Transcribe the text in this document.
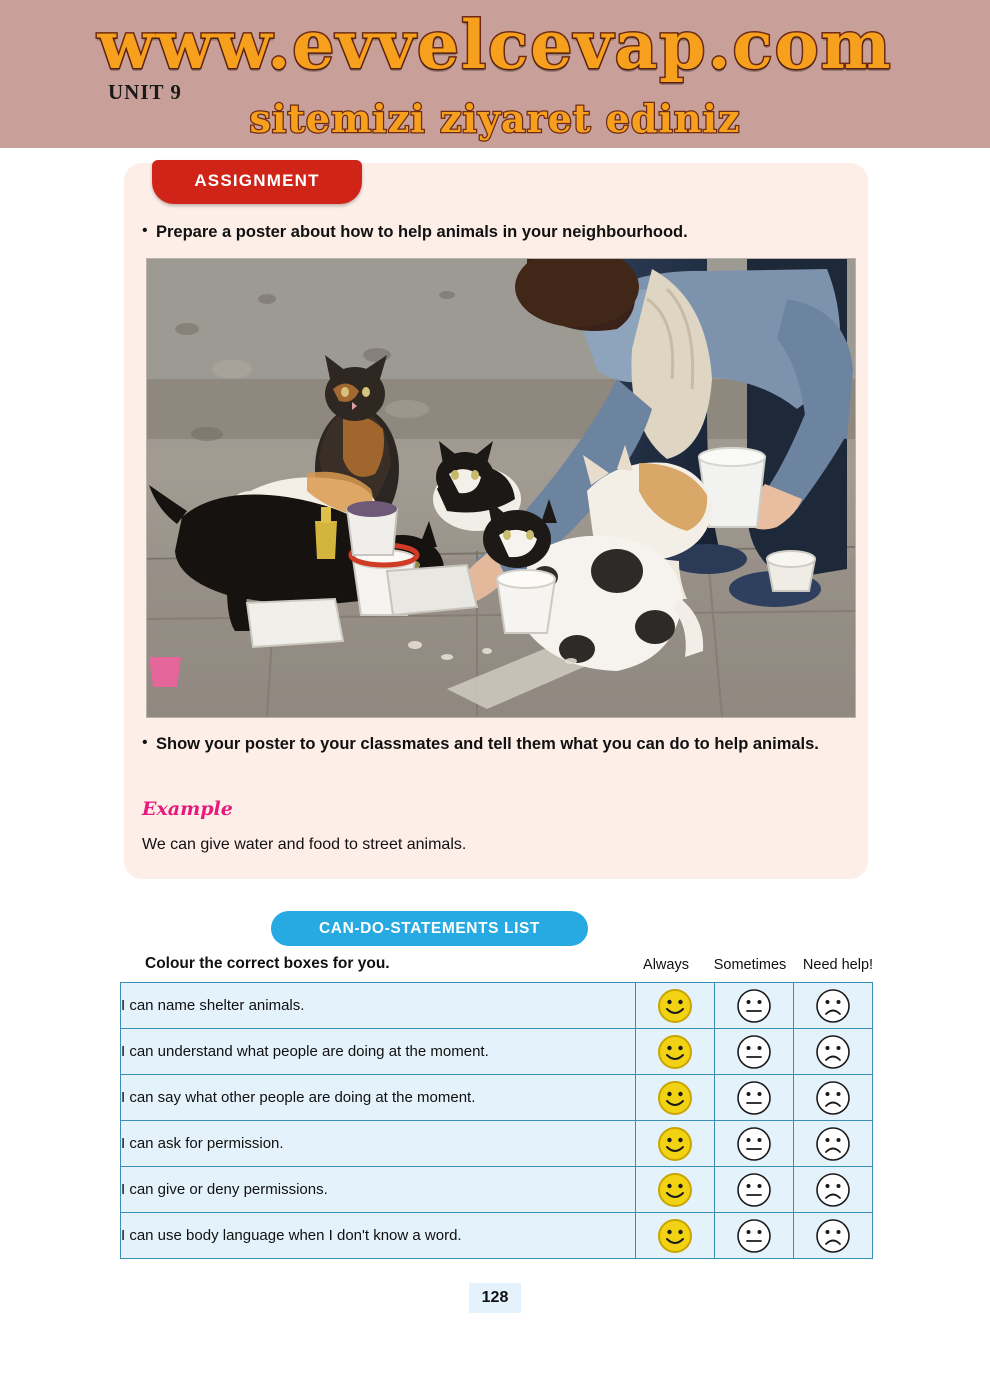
www.evvelcevap.com
sitemizi ziyaret ediniz
UNIT 9
ASSIGNMENT
• Prepare a poster about how to help animals in your neighbourhood.
• Show your poster to your classmates and tell them what you can do to help animals.
Example
We can give water and food to street animals.
CAN-DO-STATEMENTS LIST
Colour the correct boxes for you.	Always	Sometimes	Need help!
I can name shelter animals.	

I can understand what people are doing at the moment.	

I can say what other people are doing at the moment.	

I can ask for permission.	

I can give or deny permissions.	

I can use body language when I don't know a word.	

128
